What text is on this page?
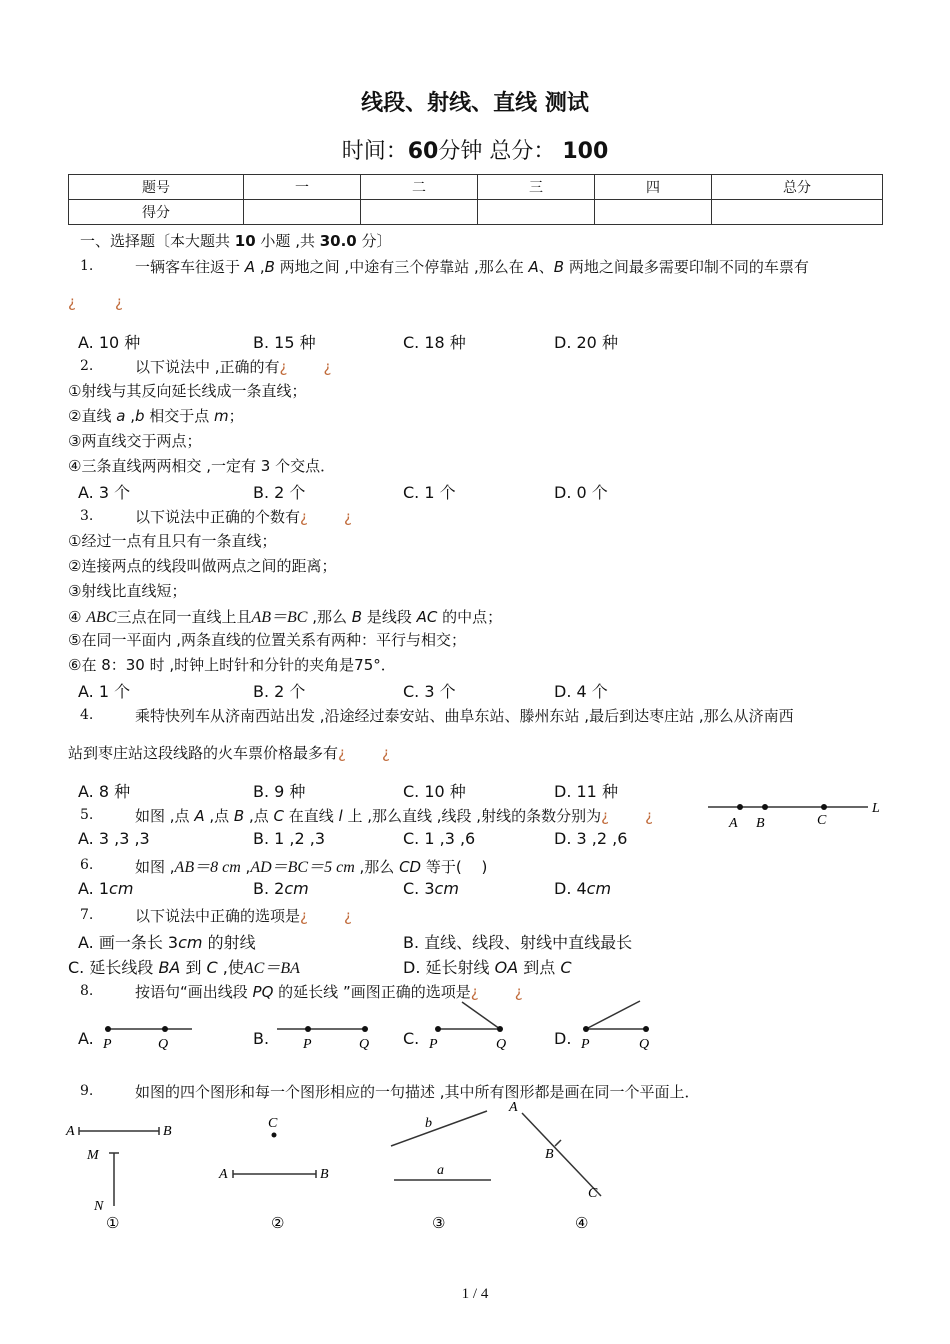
线段、射线、直线 测试
时间：60分钟 总分： 100
题号	一	二	三	四	总分
得分					
一、选择题〔本大题共 10 小题 ,共 30.0 分〕
1.	一辆客车往返于 A ,B 两地之间 ,中途有三个停靠站 ,那么在 A、B 两地之间最多需要印制不同的车票有
¿	¿
A. 10 种	B. 15 种	C. 18 种	D. 20 种
2.	以下说法中 ,正确的有¿ ¿
①射线与其反向延长线成一条直线；
②直线 a ,b 相交于点 m；
③两直线交于两点；
④三条直线两两相交 ,一定有 3 个交点．
A. 3 个	B. 2 个	C. 1 个	D. 0 个
3.	以下说法中正确的个数有¿ ¿
①经过一点有且只有一条直线；
②连接两点的线段叫做两点之间的距离；
③射线比直线短；
④ ABC三点在同一直线上且AB＝BC ,那么 B 是线段 AC 的中点；
⑤在同一平面内 ,两条直线的位置关系有两种：平行与相交；
⑥在 8：30 时 ,时钟上时针和分针的夹角是75°．
A. 1 个	B. 2 个	C. 3 个	D. 4 个
4.	乘特快列车从济南西站出发 ,沿途经过泰安站、曲阜东站、滕州东站 ,最后到达枣庄站 ,那么从济南西
站到枣庄站这段线路的火车票价格最多有¿ ¿
A. 8 种	B. 9 种	C. 10 种	D. 11 种
5.	如图 ,点 A ,点 B ,点 C 在直线 l 上 ,那么直线 ,线段 ,射线的条数分别为¿ ¿	A B	C
L
A. 3 ,3 ,3	B. 1 ,2 ,3	C. 1 ,3 ,6	D. 3 ,2 ,6
6.	如图 ,AB＝8 cm ,AD＝BC＝5 cm ,那么 CD 等于(　 )
A. 1cm	B. 2cm	C. 3cm	D. 4cm
7.	以下说法中正确的选项是¿ ¿
A. 画一条长 3cm 的射线	B. 直线、线段、射线中直线最长
C. 延长线段 BA 到 C ,使AC＝BA	D. 延长射线 OA 到点 C
8.	按语句“画出线段 PQ 的延长线 ”画图正确的选项是¿ ¿
A. P	Q	B. P	Q C. P	Q	D. P	Q
9.	如图的四个图形和每一个图形相应的一句描述 ,其中所有图形都是画在同一个平面上．
A	B
M
N
①
C
A	B
②
b
a
③
A
B
C
④
1 / 4
